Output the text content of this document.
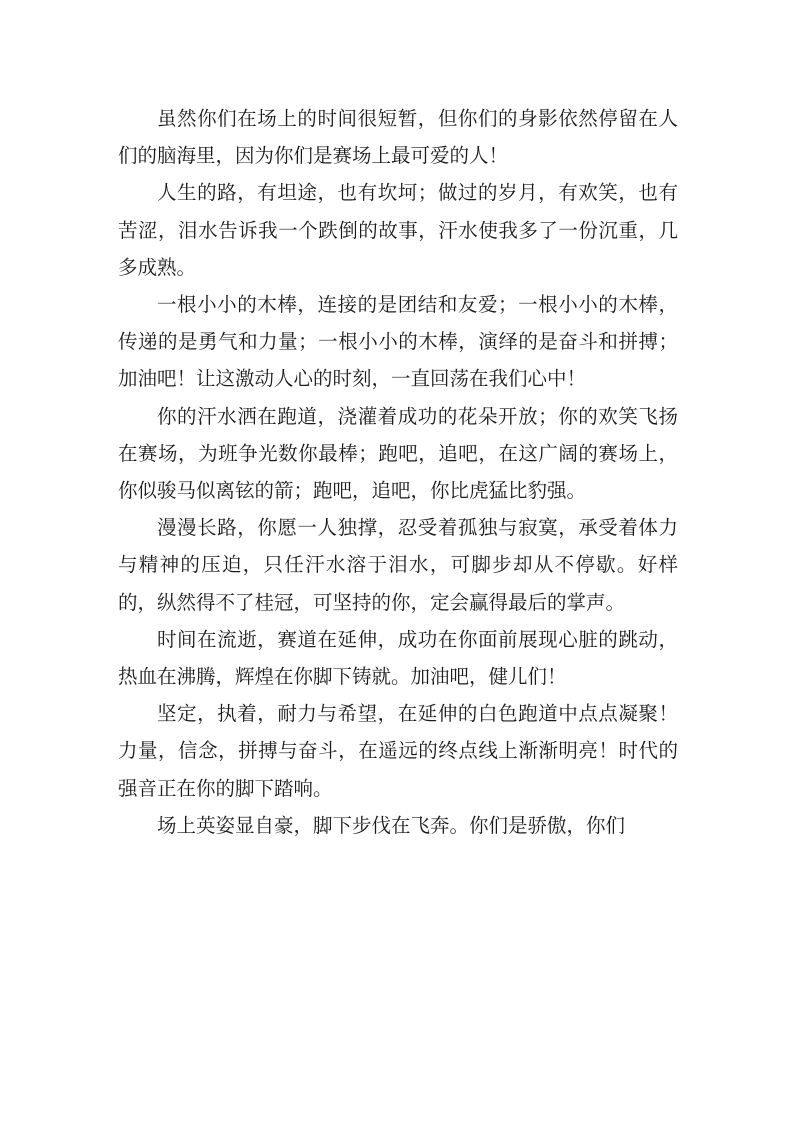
虽然你们在场上的时间很短暂，但你们的身影依然停留在人们的脑海里，因为你们是赛场上最可爱的人！

人生的路，有坦途，也有坎坷；做过的岁月，有欢笑，也有苦涩，泪水告诉我一个跌倒的故事，汗水使我多了一份沉重，几多成熟。

一根小小的木棒，连接的是团结和友爱；一根小小的木棒，传递的是勇气和力量；一根小小的木棒，演绎的是奋斗和拼搏；加油吧！让这激动人心的时刻，一直回荡在我们心中！

你的汗水洒在跑道，浇灌着成功的花朵开放；你的欢笑飞扬在赛场，为班争光数你最棒；跑吧，追吧，在这广阔的赛场上，你似骏马似离铉的箭；跑吧，追吧，你比虎猛比豹强。

漫漫长路，你愿一人独撑，忍受着孤独与寂寞，承受着体力与精神的压迫，只任汗水溶于泪水，可脚步却从不停歇。好样的，纵然得不了桂冠，可坚持的你，定会赢得最后的掌声。

时间在流逝，赛道在延伸，成功在你面前展现心脏的跳动，热血在沸腾，辉煌在你脚下铸就。加油吧，健儿们！

坚定，执着，耐力与希望，在延伸的白色跑道中点点凝聚！力量，信念，拼搏与奋斗，在遥远的终点线上渐渐明亮！时代的强音正在你的脚下踏响。

场上英姿显自豪，脚下步伐在飞奔。你们是骄傲，你们
